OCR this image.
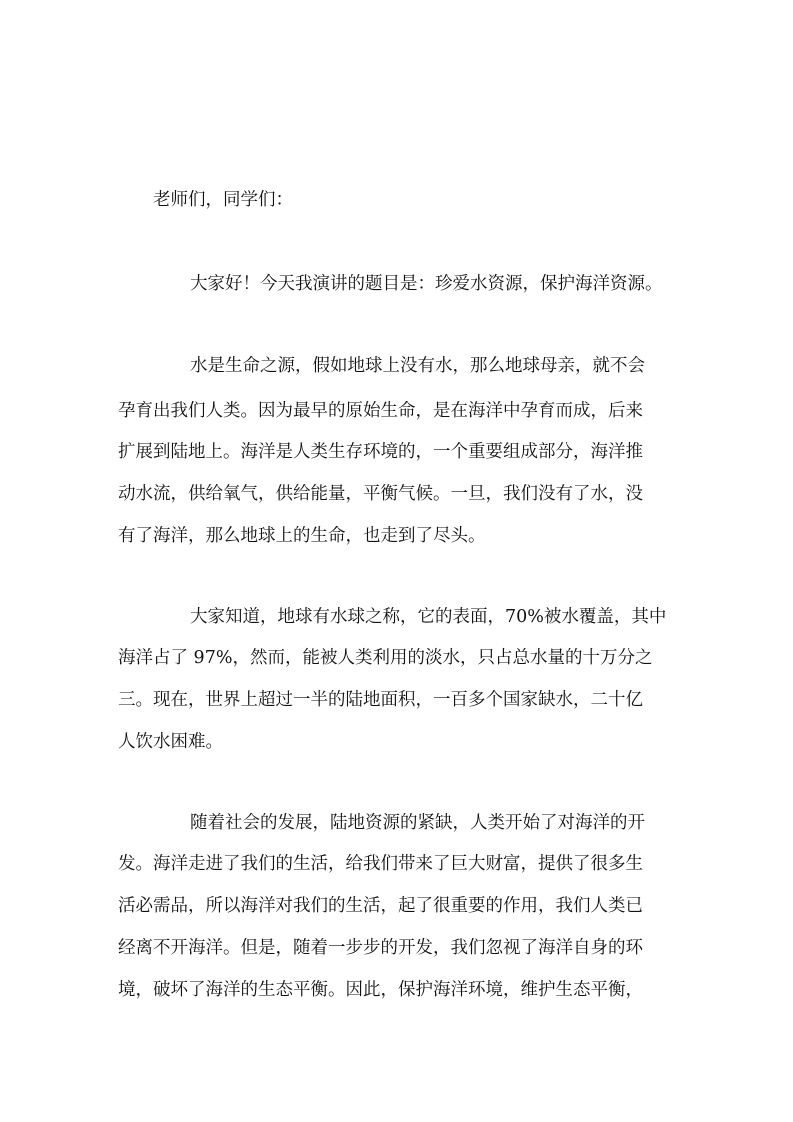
老师们，同学们：
大家好！今天我演讲的题目是：珍爱水资源，保护海洋资源。
水是生命之源，假如地球上没有水，那么地球母亲，就不会
孕育出我们人类。因为最早的原始生命，是在海洋中孕育而成，后来
扩展到陆地上。海洋是人类生存环境的，一个重要组成部分，海洋推
动水流，供给氧气，供给能量，平衡气候。一旦，我们没有了水，没
有了海洋，那么地球上的生命，也走到了尽头。
大家知道，地球有水球之称，它的表面，70%被水覆盖，其中
海洋占了 97%，然而，能被人类利用的淡水，只占总水量的十万分之
三。现在，世界上超过一半的陆地面积，一百多个国家缺水，二十亿
人饮水困难。
随着社会的发展，陆地资源的紧缺，人类开始了对海洋的开
发。海洋走进了我们的生活，给我们带来了巨大财富，提供了很多生
活必需品，所以海洋对我们的生活，起了很重要的作用，我们人类已
经离不开海洋。但是，随着一步步的开发，我们忽视了海洋自身的环
境，破坏了海洋的生态平衡。因此，保护海洋环境，维护生态平衡，
